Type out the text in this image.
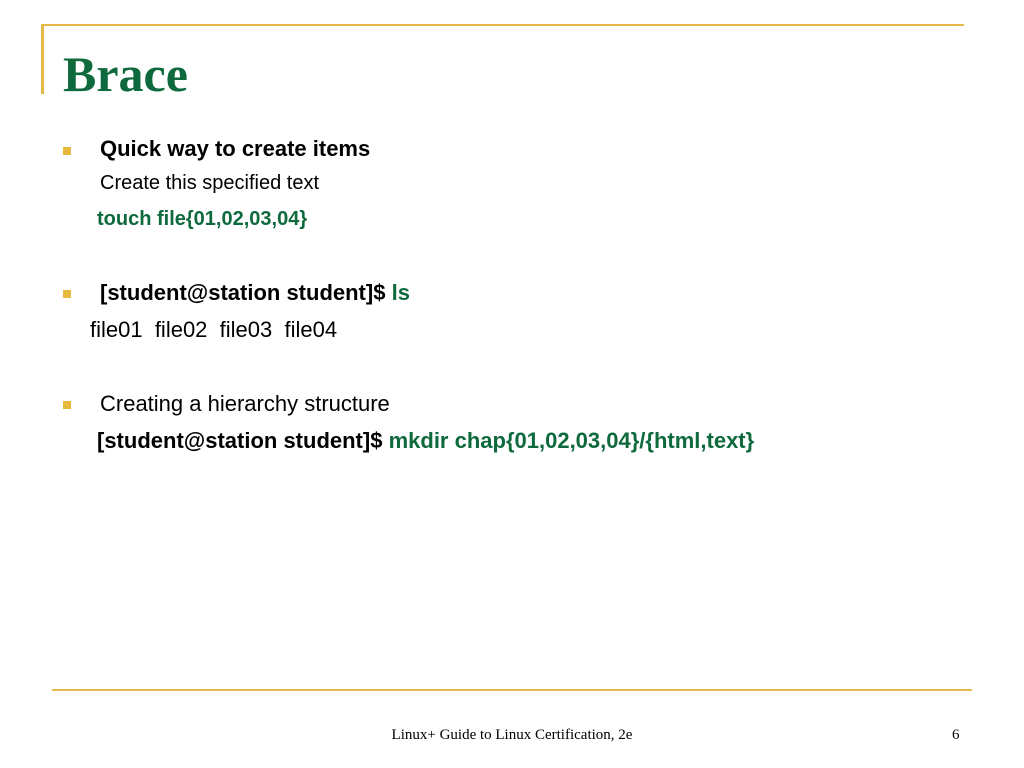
Brace

Quick way to create items

Create this specified text

touch file{01,02,03,04}

[student@station student]$ ls

file01  file02  file03  file04

Creating a hierarchy structure

[student@station student]$ mkdir chap{01,02,03,04}/{html,text}

Linux+ Guide to Linux Certification, 2e	6
